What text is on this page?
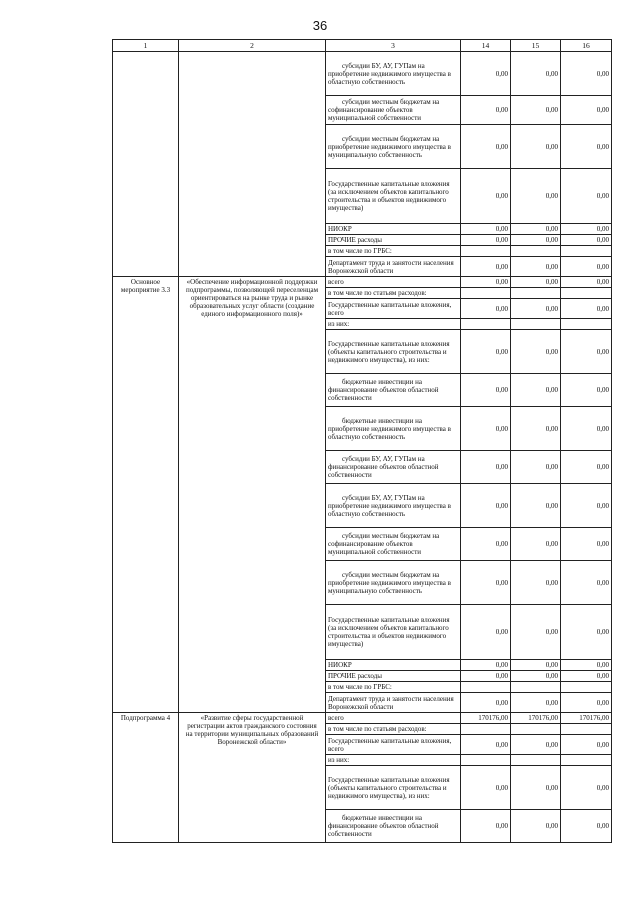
36
1	2	3	14	15	16
		субсидии БУ, АУ, ГУПам на приобретение недвижимого имущества в областную собственность	0,00	0,00	0,00
		субсидии местным бюджетам на софинансирование объектов муниципальной собственности	0,00	0,00	0,00
		субсидии местным бюджетам на приобретение недвижимого имущества в муниципальную собственность	0,00	0,00	0,00
		Государственные капитальные вложения (за исключением объектов капитального строительства и объектов недвижимого имущества)	0,00	0,00	0,00
		НИОКР	0,00	0,00	0,00
		ПРОЧИЕ расходы	0,00	0,00	0,00
		в том числе по ГРБС:			
		Департамент труда и занятости населения Воронежской области	0,00	0,00	0,00
Основное мероприятие 3.3	«Обеспечение информационной поддержки подпрограммы, позволяющей переселенцам ориентироваться на рынке труда и рынке образовательных услуг области (создание единого информационного поля)»	всего	0,00	0,00	0,00
		в том числе по статьям расходов:			
		Государственные капитальные вложения, всего	0,00	0,00	0,00
		из них:			
		Государственные капитальные вложения (объекты капитального строительства и недвижимого имущества), из них:	0,00	0,00	0,00
		бюджетные инвестиции на финансирование объектов областной собственности	0,00	0,00	0,00
		бюджетные инвестиции на приобретение недвижимого имущества в областную собственность	0,00	0,00	0,00
		субсидии БУ, АУ, ГУПам на финансирование объектов областной собственности	0,00	0,00	0,00
		субсидии БУ, АУ, ГУПам на приобретение недвижимого имущества в областную собственность	0,00	0,00	0,00
		субсидии местным бюджетам на софинансирование объектов муниципальной собственности	0,00	0,00	0,00
		субсидии местным бюджетам на приобретение недвижимого имущества в муниципальную собственность	0,00	0,00	0,00
		Государственные капитальные вложения (за исключением объектов капитального строительства и объектов недвижимого имущества)	0,00	0,00	0,00
		НИОКР	0,00	0,00	0,00
		ПРОЧИЕ расходы	0,00	0,00	0,00
		в том числе по ГРБС:			
		Департамент труда и занятости населения Воронежской области	0,00	0,00	0,00
Подпрограмма 4	«Развитие сферы государственной регистрации актов гражданского состояния на территории муниципальных образований Воронежской области»	всего	170176,00	170176,00	170176,00
		в том числе по статьям расходов:			
		Государственные капитальные вложения, всего	0,00	0,00	0,00
		из них:			
		Государственные капитальные вложения (объекты капитального строительства и недвижимого имущества), из них:	0,00	0,00	0,00
		бюджетные инвестиции на финансирование объектов областной собственности	0,00	0,00	0,00
